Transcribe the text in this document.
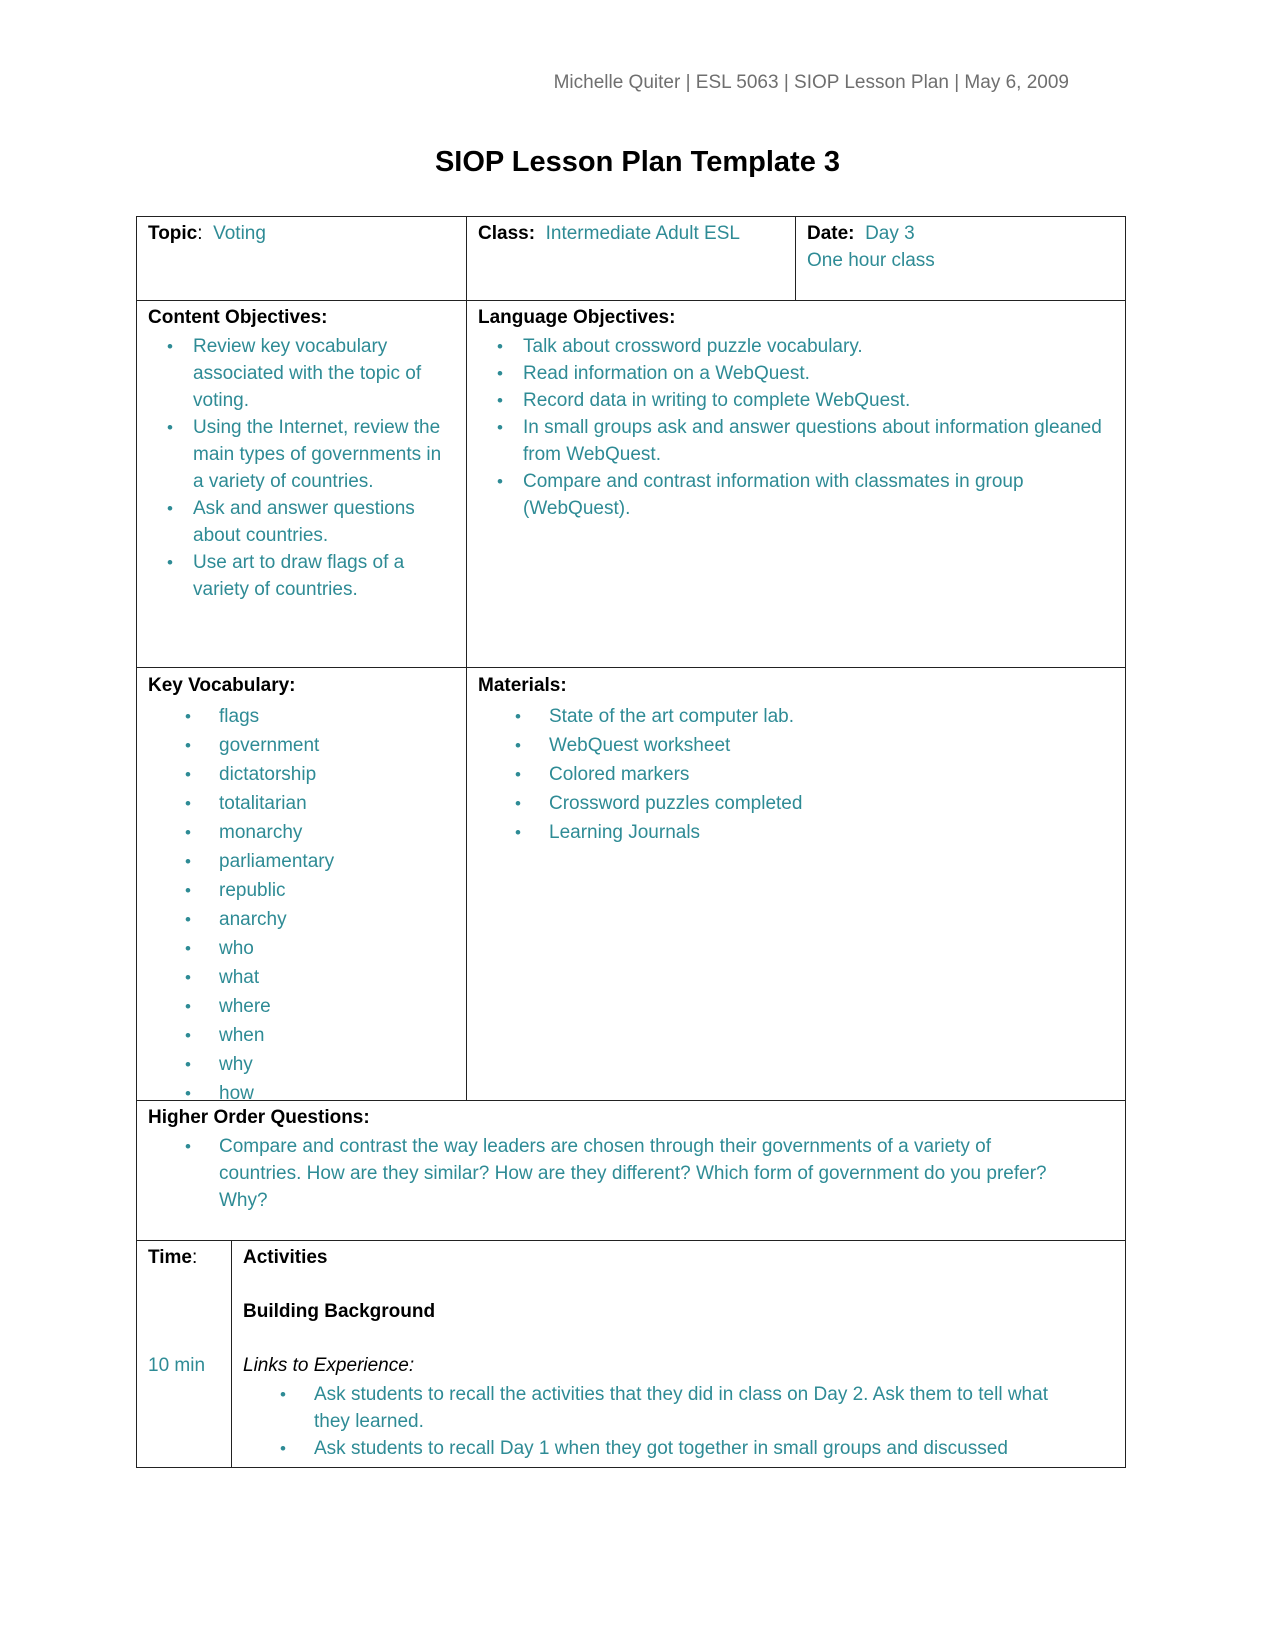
Michelle Quiter | ESL 5063 | SIOP Lesson Plan | May 6, 2009
SIOP Lesson Plan Template 3
Topic:  Voting	Class: Intermediate Adult ESL	Date: Day 3
One hour class
Content Objectives:
• Review key vocabulary associated with the topic of voting.
• Using the Internet, review the main types of governments in a variety of countries.
• Ask and answer questions about countries.
• Use art to draw flags of a variety of countries.
Language Objectives:
• Talk about crossword puzzle vocabulary.
• Read information on a WebQuest.
• Record data in writing to complete WebQuest.
• In small groups ask and answer questions about information gleaned from WebQuest.
• Compare and contrast information with classmates in group (WebQuest).
Key Vocabulary:
• flags
• government
• dictatorship
• totalitarian
• monarchy
• parliamentary
• republic
• anarchy
• who
• what
• where
• when
• why
• how
Materials:
• State of the art computer lab.
• WebQuest worksheet
• Colored markers
• Crossword puzzles completed
• Learning Journals
Higher Order Questions:
• Compare and contrast the way leaders are chosen through their governments of a variety of countries. How are they similar? How are they different? Which form of government do you prefer? Why?
Time:
10 min
Activities
Building Background
Links to Experience:
• Ask students to recall the activities that they did in class on Day 2. Ask them to tell what they learned.
• Ask students to recall Day 1 when they got together in small groups and discussed
